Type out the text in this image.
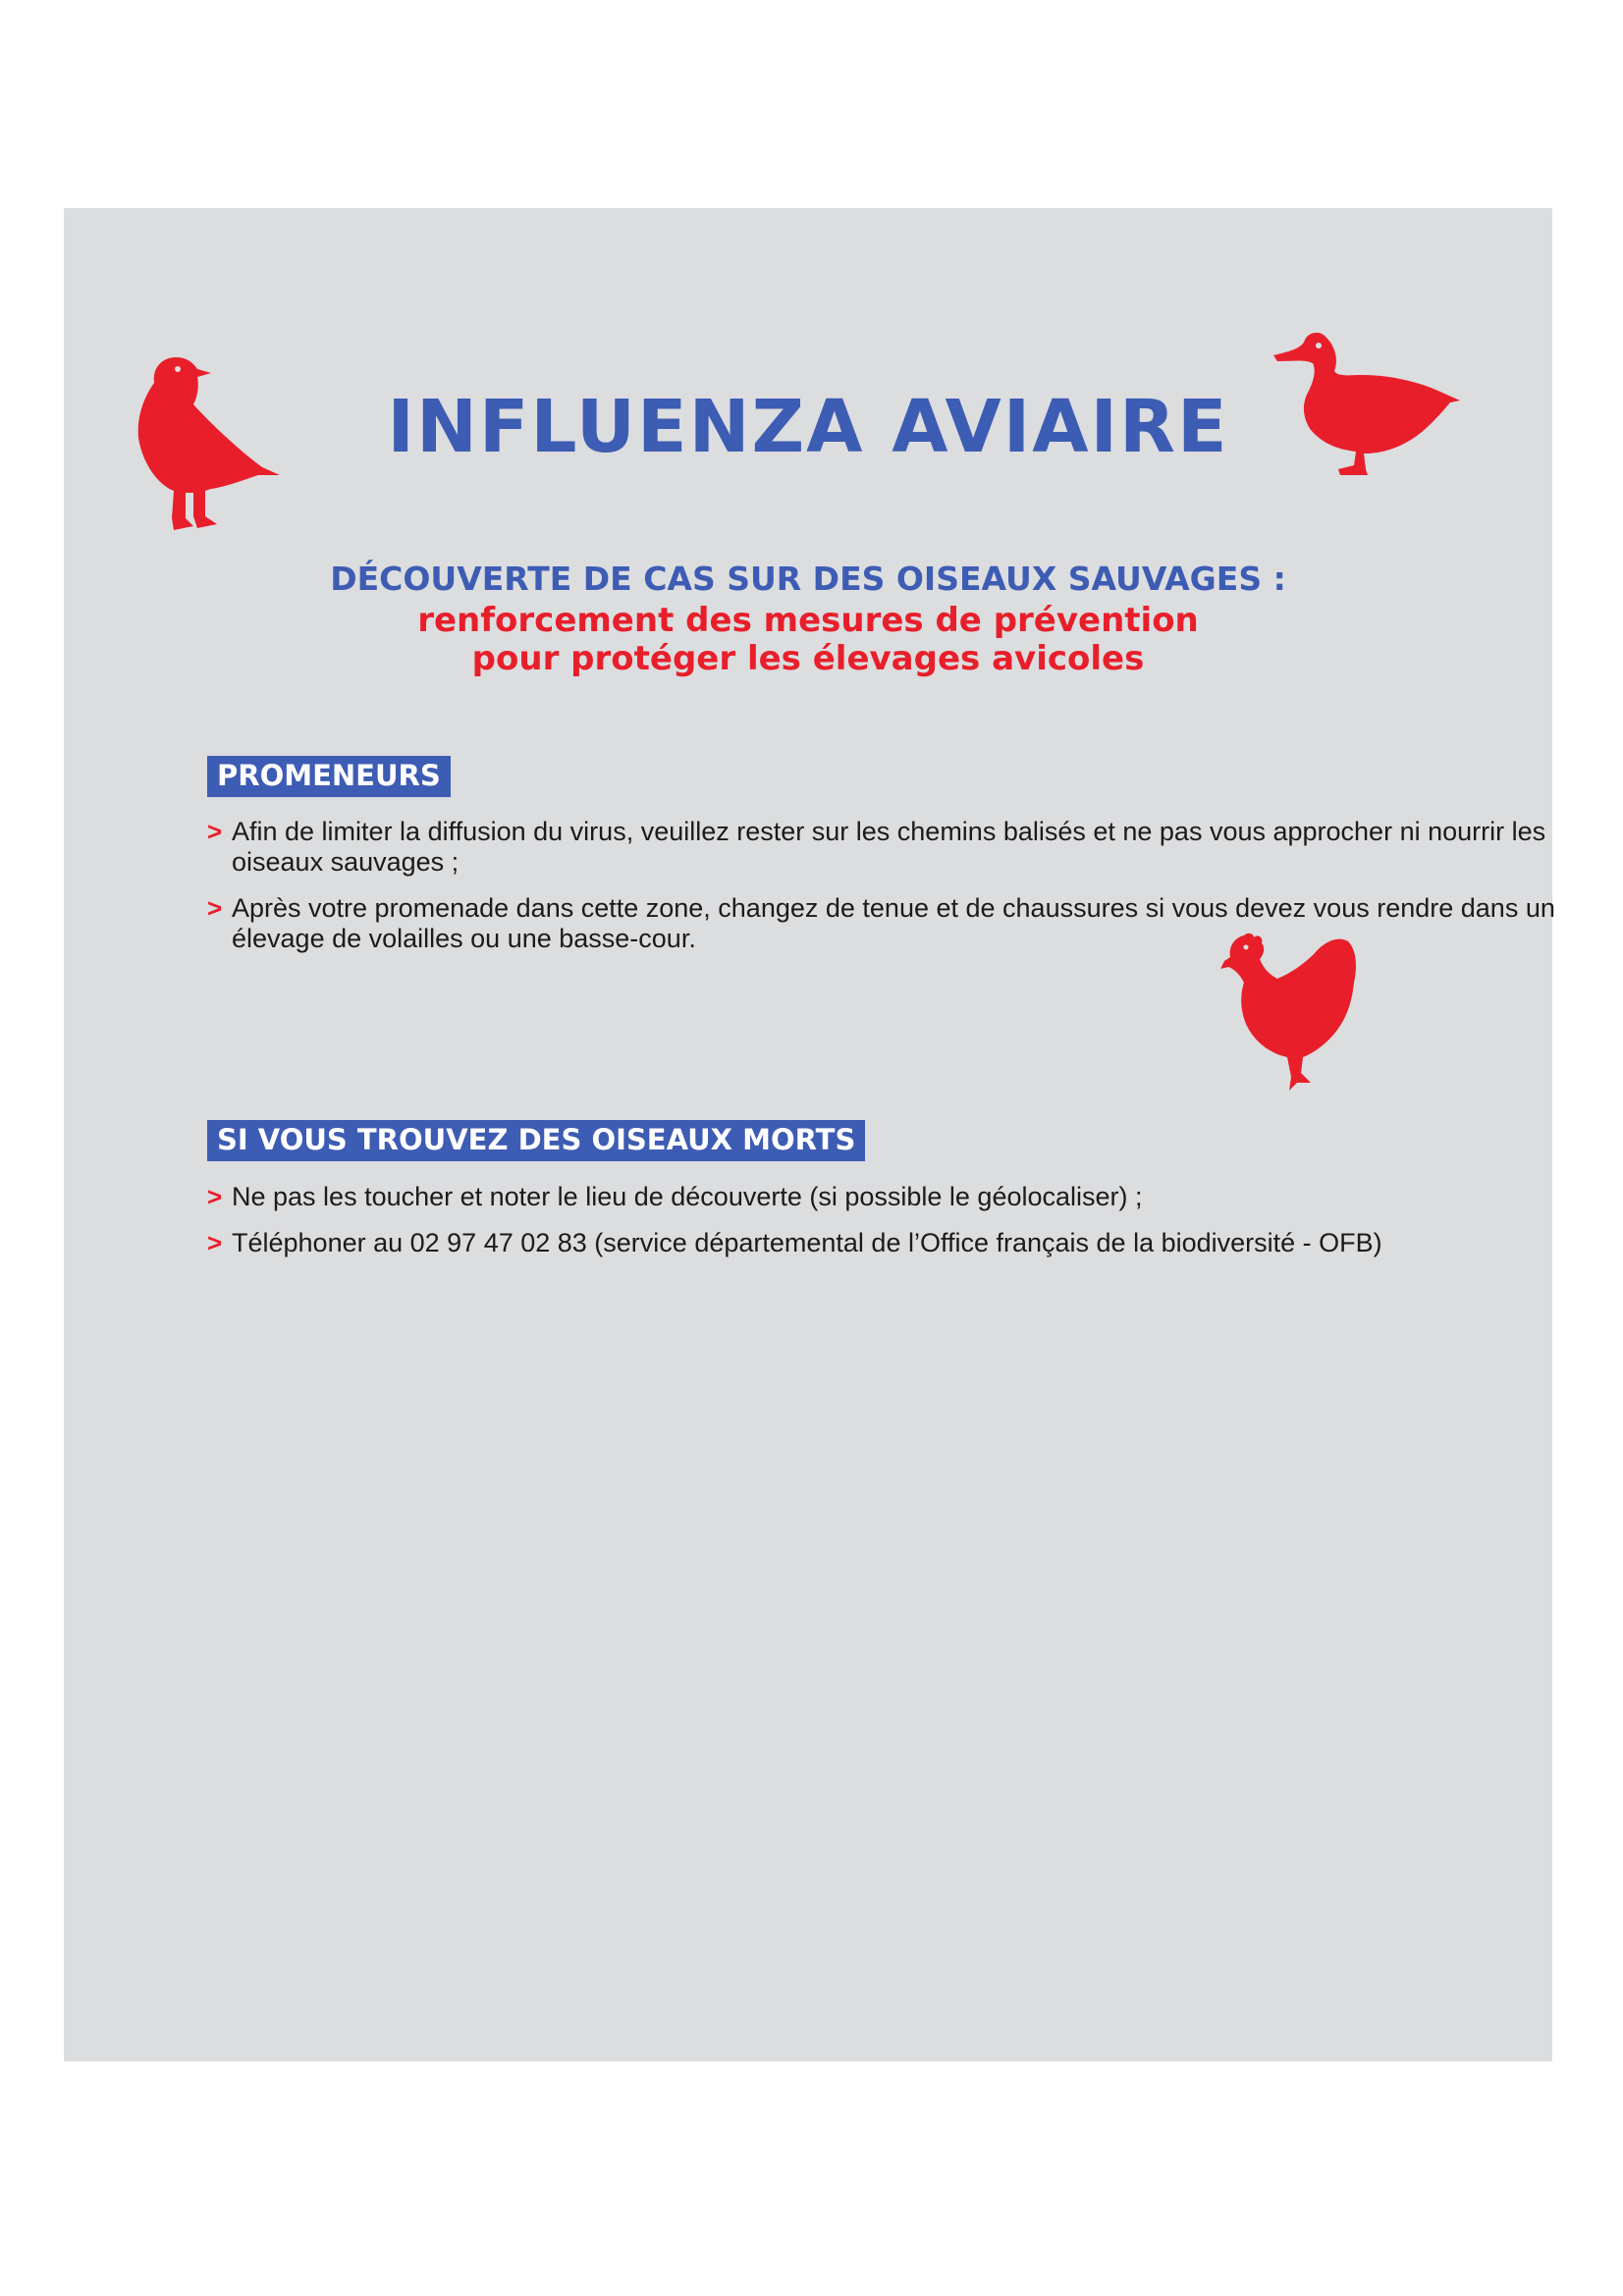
INFLUENZA AVIAIRE
DÉCOUVERTE DE CAS SUR DES OISEAUX SAUVAGES :
renforcement des mesures de prévention
pour protéger les élevages avicoles
PROMENEURS
> Afin de limiter la diffusion du virus, veuillez rester sur les chemins balisés et ne pas vous approcher ni nourrir les oiseaux sauvages ;
> Après votre promenade dans cette zone, changez de tenue et de chaussures si vous devez vous rendre dans un élevage de volailles ou une basse-cour.
SI VOUS TROUVEZ DES OISEAUX MORTS
> Ne pas les toucher et noter le lieu de découverte (si possible le géolocaliser) ;
> Téléphoner au 02 97 47 02 83 (service départemental de l’Office français de la biodiversité - OFB)
